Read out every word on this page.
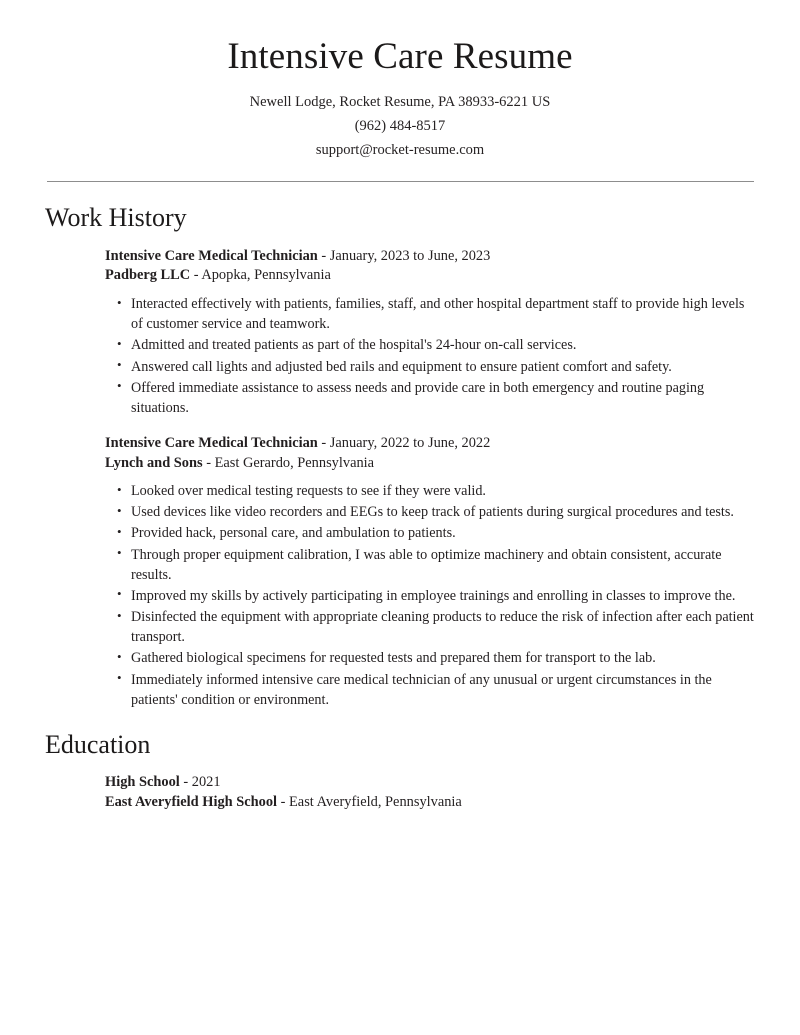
Intensive Care Resume

Newell Lodge, Rocket Resume, PA 38933-6221 US

(962) 484-8517

support@rocket-resume.com

Work History

Intensive Care Medical Technician - January, 2023 to June, 2023

Padberg LLC - Apopka, Pennsylvania

• Interacted effectively with patients, families, staff, and other hospital department staff to provide high levels of customer service and teamwork.
• Admitted and treated patients as part of the hospital's 24-hour on-call services.
• Answered call lights and adjusted bed rails and equipment to ensure patient comfort and safety.
• Offered immediate assistance to assess needs and provide care in both emergency and routine paging situations.

Intensive Care Medical Technician - January, 2022 to June, 2022

Lynch and Sons - East Gerardo, Pennsylvania

• Looked over medical testing requests to see if they were valid.
• Used devices like video recorders and EEGs to keep track of patients during surgical procedures and tests.
• Provided hack, personal care, and ambulation to patients.
• Through proper equipment calibration, I was able to optimize machinery and obtain consistent, accurate results.
• Improved my skills by actively participating in employee trainings and enrolling in classes to improve the.
• Disinfected the equipment with appropriate cleaning products to reduce the risk of infection after each patient transport.
• Gathered biological specimens for requested tests and prepared them for transport to the lab.
• Immediately informed intensive care medical technician of any unusual or urgent circumstances in the patients' condition or environment.
Education

High School - 2021

East Averyfield High School - East Averyfield, Pennsylvania
